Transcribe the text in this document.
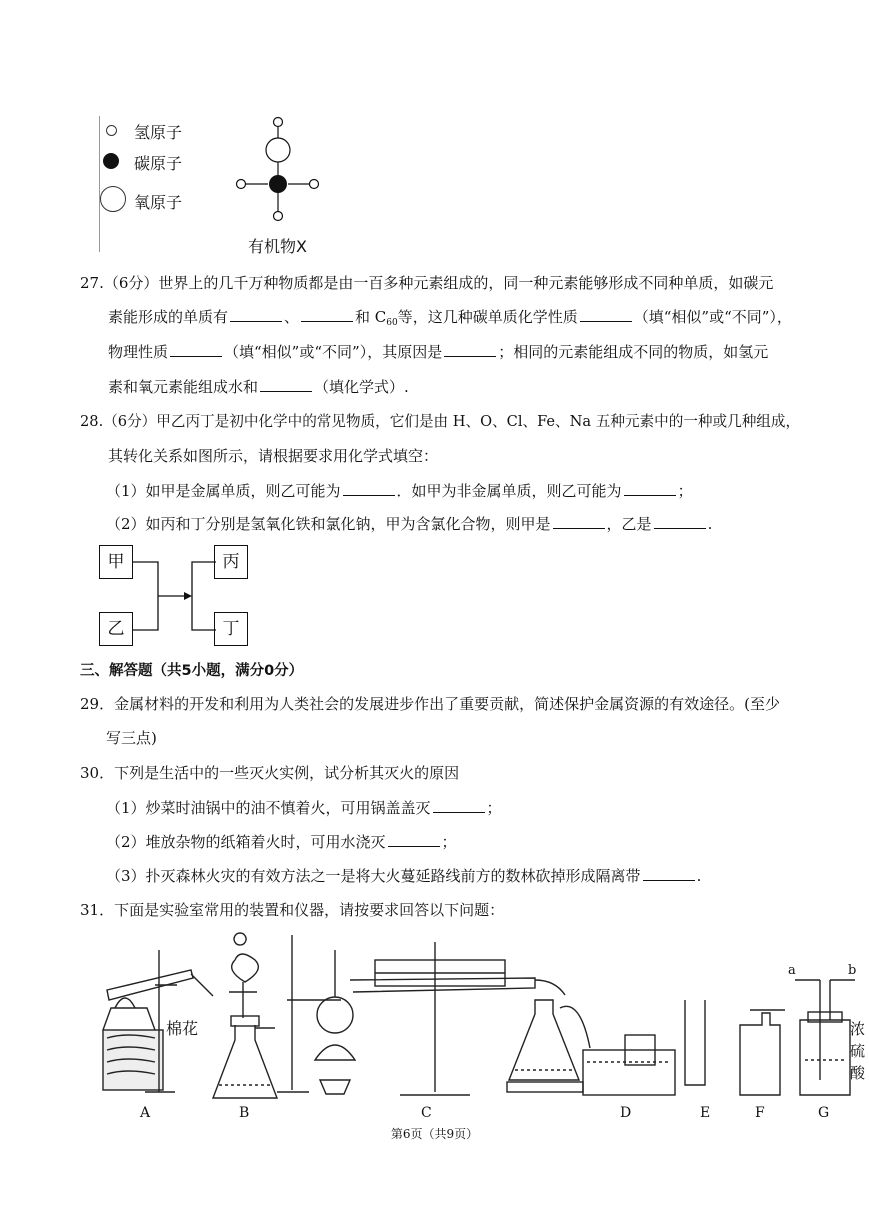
氢原子
碳原子
氧原子
有机物X
27.（6分）世界上的几千万种物质都是由一百多种元素组成的，同一种元素能够形成不同种单质，如碳元
素能形成的单质有	、	和 $C_{60}$等，这几种碳单质化学性质	（填“相似”或“不同”），
物理性质	（填“相似”或“不同”），其原因是	；相同的元素能组成不同的物质，如氢元
素和氧元素能组成水和	（填化学式）.
28.（6分）甲乙丙丁是初中化学中的常见物质，它们是由 H、O、Cl、Fe、Na 五种元素中的一种或几种组成，
其转化关系如图所示，请根据要求用化学式填空：
（1）如甲是金属单质，则乙可能为	．如甲为非金属单质，则乙可能为	；
（2）如丙和丁分别是氢氧化铁和氯化钠，甲为含氯化合物，则甲是	，乙是	.
甲
乙
丙
丁
三、解答题（共5小题，满分0分）
29．金属材料的开发和利用为人类社会的发展进步作出了重要贡献，简述保护金属资源的有效途径。(至少
写三点)
30．下列是生活中的一些灭火实例，试分析其灭火的原因
（1）炒菜时油锅中的油不慎着火，可用锅盖盖灭	；
（2）堆放杂物的纸箱着火时，可用水浇灭	；
（3）扑灭森林火灾的有效方法之一是将大火蔓延路线前方的数林砍掉形成隔离带	.
31．下面是实验室常用的装置和仪器，请按要求回答以下问题：
棉花
a	b
浓
硫
酸
A	B	C	D	E	F	G
第6页（共9页）
